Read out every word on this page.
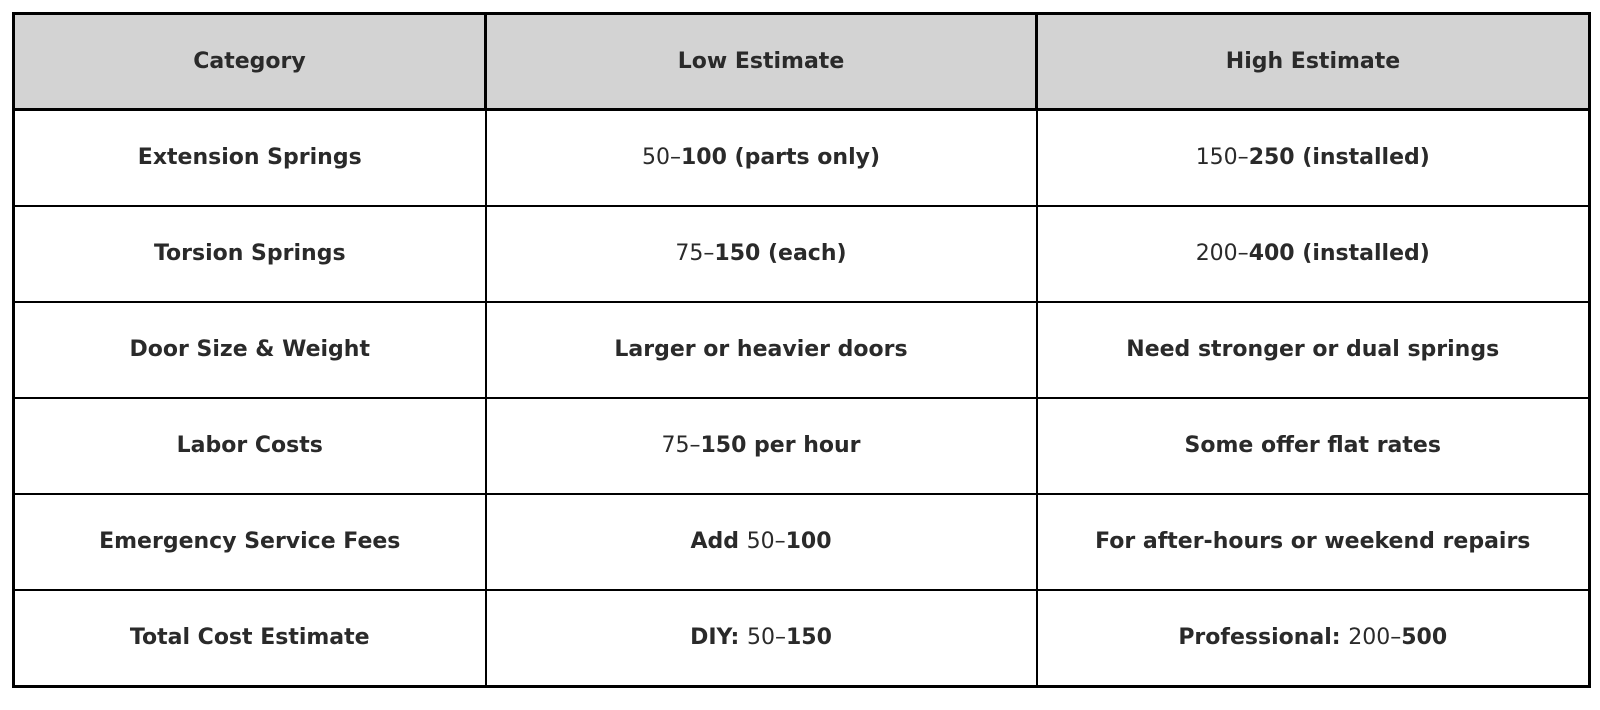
Category	Low Estimate	High Estimate
Extension Springs	50–100 (parts only)	150–250 (installed)
Torsion Springs	75–150 (each)	200–400 (installed)
Door Size & Weight	Larger or heavier doors	Need stronger or dual springs
Labor Costs	75–150 per hour	Some offer flat rates
Emergency Service Fees	Add 50–100	For after-hours or weekend repairs
Total Cost Estimate	DIY: 50–150	Professional: 200–500
